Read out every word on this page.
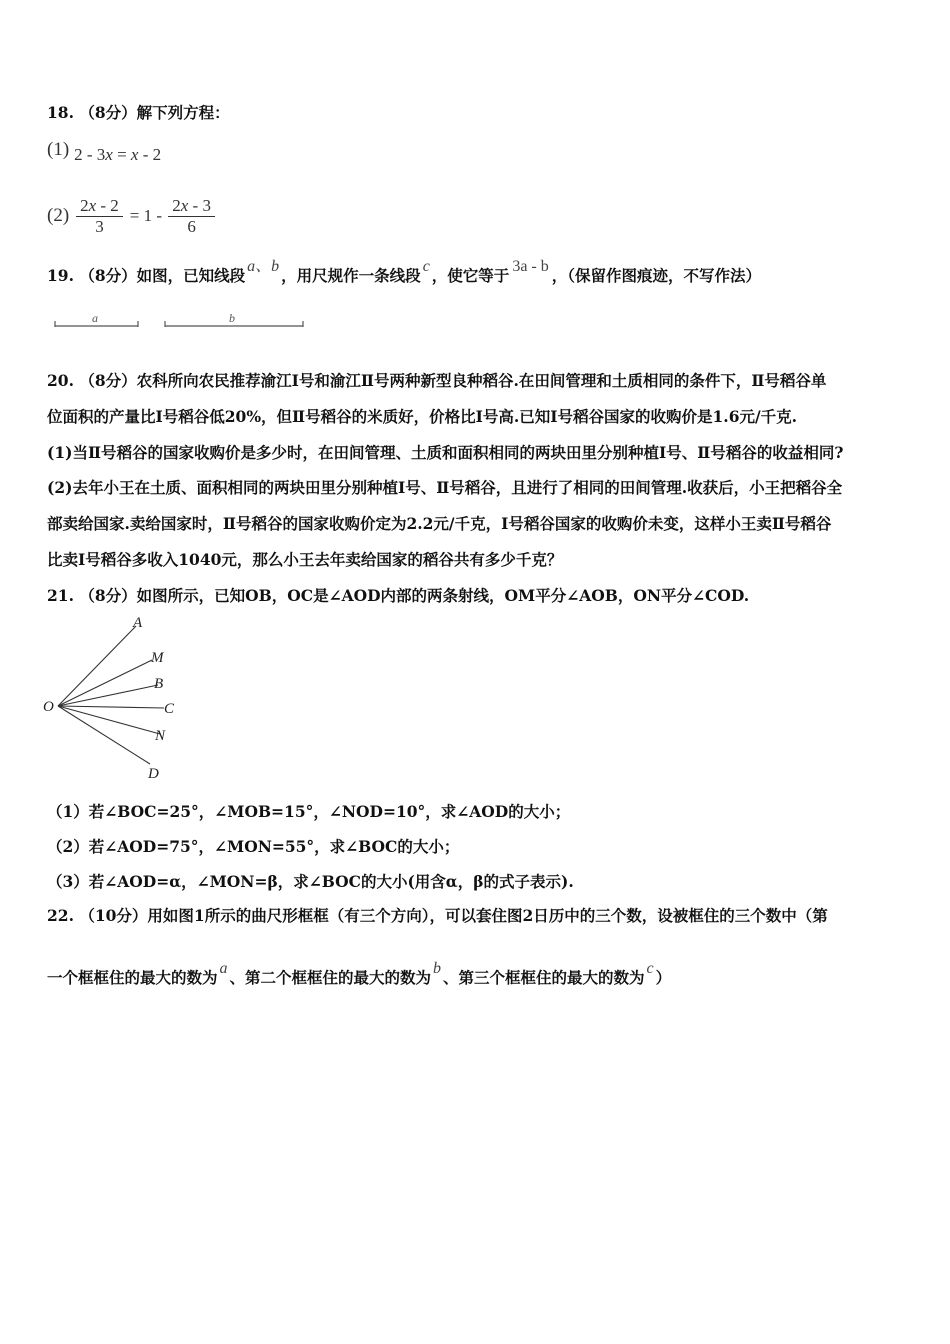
18. （8分）解下列方程：
(1) 2 - 3x = x - 2
$(2) \frac{2x - 2}{3} = 1 - \frac{2x - 3}{6}$
19. （8分）如图，已知线段 a、b ，用尺规作一条线段 c ，使它等于 3a - b ，（保留作图痕迹，不写作法）
a	b
20. （8分）农科所向农民推荐渝江Ⅰ号和渝江Ⅱ号两种新型良种稻谷.在田间管理和土质相同的条件下，Ⅱ号稻谷单
位面积的产量比Ⅰ号稻谷低20%，但Ⅱ号稻谷的米质好，价格比Ⅰ号高.已知Ⅰ号稻谷国家的收购价是1.6元/千克.
(1)当Ⅱ号稻谷的国家收购价是多少时，在田间管理、土质和面积相同的两块田里分别种植Ⅰ号、Ⅱ号稻谷的收益相同?
(2)去年小王在土质、面积相同的两块田里分别种植Ⅰ号、Ⅱ号稻谷，且进行了相同的田间管理.收获后，小王把稻谷全
部卖给国家.卖给国家时，Ⅱ号稻谷的国家收购价定为2.2元/千克，Ⅰ号稻谷国家的收购价未变，这样小王卖Ⅱ号稻谷
比卖Ⅰ号稻谷多收入1040元，那么小王去年卖给国家的稻谷共有多少千克？
21. （8分）如图所示，已知OB，OC是∠AOD内部的两条射线，OM平分∠AOB，ON平分∠COD.
O
A
M
B
C
N
D
（1）若∠BOC=25°，∠MOB=15°，∠NOD=10°，求∠AOD的大小；
（2）若∠AOD=75°，∠MON=55°，求∠BOC的大小；
（3）若∠AOD=α，∠MON=β，求∠BOC的大小(用含α，β的式子表示).
22. （10分）用如图1所示的曲尺形框框（有三个方向），可以套住图2日历中的三个数，设被框住的三个数中（第
一个框框住的最大的数为 a 、第二个框框住的最大的数为 b 、第三个框框住的最大的数为 c ）
